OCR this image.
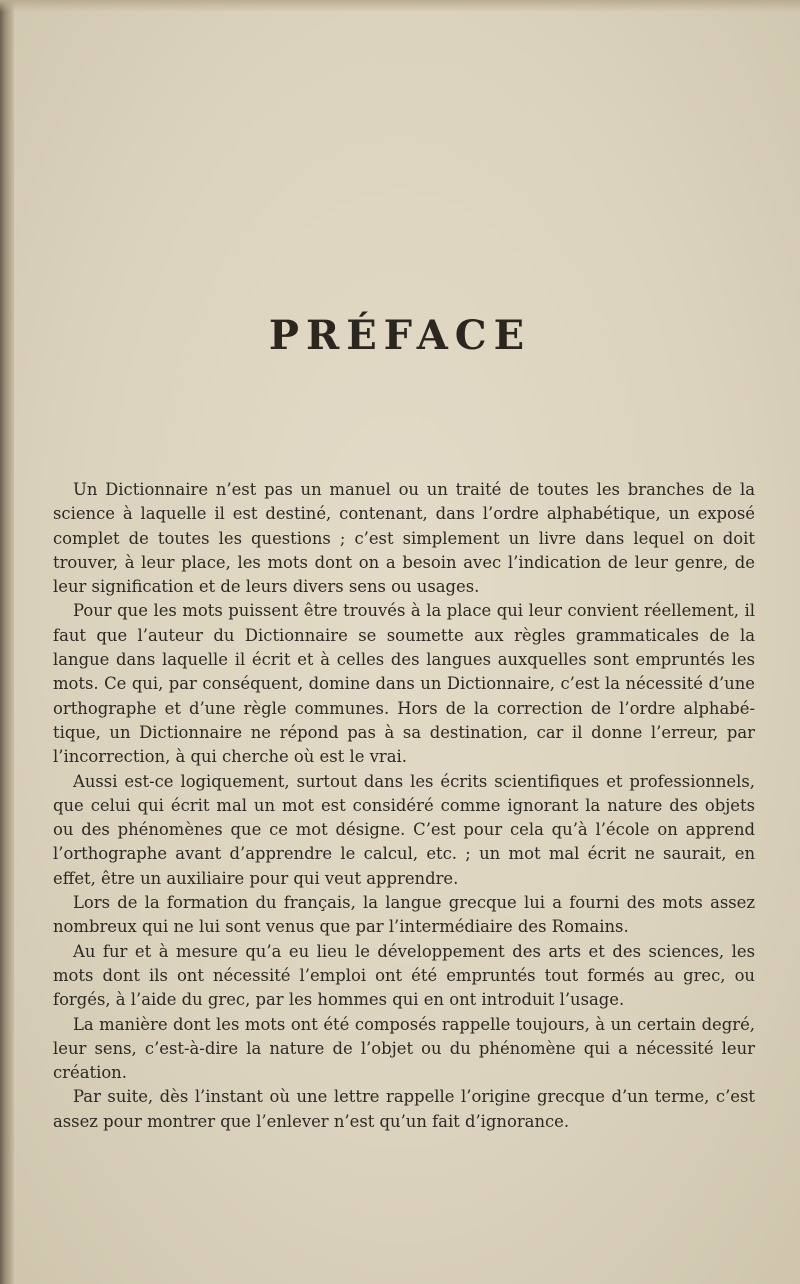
PRÉFACE

Un Dictionnaire n’est pas un manuel ou un traité de toutes les branches de la science à laquelle il est destiné, contenant, dans l’ordre alphabétique, un exposé complet de toutes les questions ; c’est simplement un livre dans lequel on doit trouver, à leur place, les mots dont on a besoin avec l’indication de leur genre, de leur signification et de leurs divers sens ou usages.

Pour que les mots puissent être trouvés à la place qui leur convient réellement, il faut que l’auteur du Dictionnaire se soumette aux règles grammaticales de la langue dans laquelle il écrit et à celles des langues auxquelles sont empruntés les mots. Ce qui, par conséquent, domine dans un Dictionnaire, c’est la nécessité d’une orthographe et d’une règle communes. Hors de la correction de l’ordre alphabétique, un Dictionnaire ne répond pas à sa destination, car il donne l’erreur, par l’incorrection, à qui cherche où est le vrai.

Aussi est-ce logiquement, surtout dans les écrits scientifiques et professionnels, que celui qui écrit mal un mot est considéré comme ignorant la nature des objets ou des phénomènes que ce mot désigne. C’est pour cela qu’à l’école on apprend l’orthographe avant d’apprendre le calcul, etc. ; un mot mal écrit ne saurait, en effet, être un auxiliaire pour qui veut apprendre.

Lors de la formation du français, la langue grecque lui a fourni des mots assez nombreux qui ne lui sont venus que par l’intermédiaire des Romains.

Au fur et à mesure qu’a eu lieu le développement des arts et des sciences, les mots dont ils ont nécessité l’emploi ont été empruntés tout formés au grec, ou forgés, à l’aide du grec, par les hommes qui en ont introduit l’usage.

La manière dont les mots ont été composés rappelle toujours, à un certain degré, leur sens, c’est-à-dire la nature de l’objet ou du phénomène qui a nécessité leur création.

Par suite, dès l’instant où une lettre rappelle l’origine grecque d’un terme, c’est assez pour montrer que l’enlever n’est qu’un fait d’ignorance.
